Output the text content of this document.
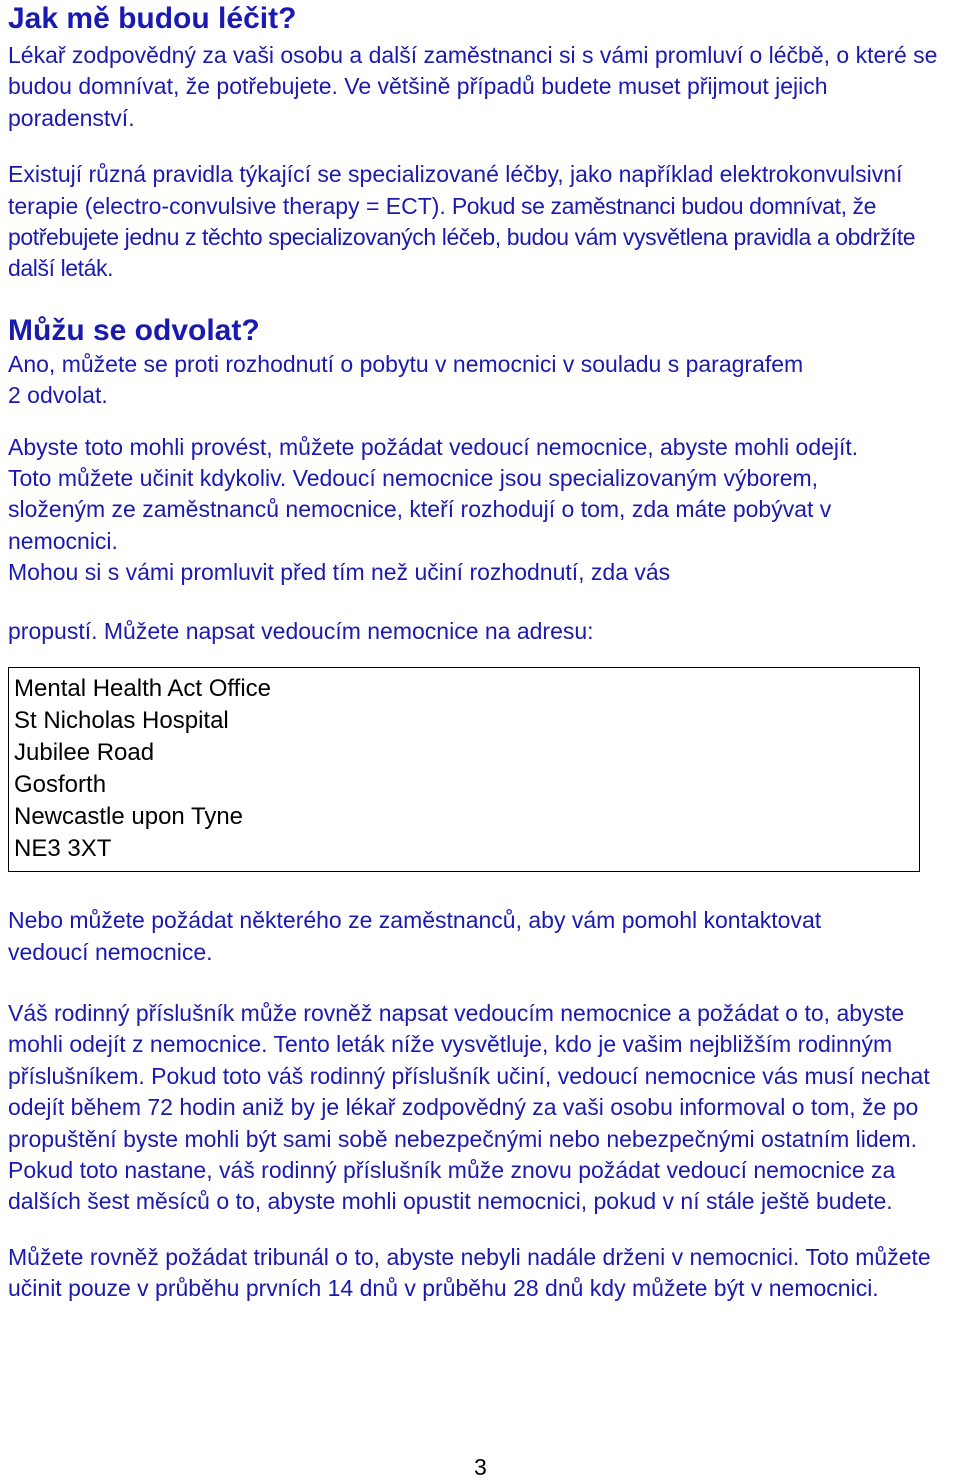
Jak mě budou léčit?

Lékař zodpovědný za vaši osobu a další zaměstnanci si s vámi promluví o léčbě, o které se budou domnívat, že potřebujete. Ve většině případů budete muset přijmout jejich poradenství.

Existují různá pravidla týkající se specializované léčby, jako například elektrokonvulsivní terapie (electro-convulsive therapy = ECT). Pokud se zaměstnanci budou domnívat, že potřebujete jednu z těchto specializovaných léčeb, budou vám vysvětlena pravidla a obdržíte další leták.

Můžu se odvolat?

Ano, můžete se proti rozhodnutí o pobytu v nemocnici v souladu s paragrafem 2 odvolat.

Abyste toto mohli provést, můžete požádat vedoucí nemocnice, abyste mohli odejít. Toto můžete učinit kdykoliv. Vedoucí nemocnice jsou specializovaným výborem, složeným ze zaměstnanců nemocnice, kteří rozhodují o tom, zda máte pobývat v nemocnici.
Mohou si s vámi promluvit před tím než učiní rozhodnutí, zda vás

propustí. Můžete napsat vedoucím nemocnice na adresu:

Mental Health Act Office
St Nicholas Hospital
Jubilee Road
Gosforth
Newcastle upon Tyne
NE3 3XT

Nebo můžete požádat některého ze zaměstnanců, aby vám pomohl kontaktovat vedoucí nemocnice.

Váš rodinný příslušník může rovněž napsat vedoucím nemocnice a požádat o to, abyste mohli odejít z nemocnice. Tento leták níže vysvětluje, kdo je vašim nejbližším rodinným příslušníkem. Pokud toto váš rodinný příslušník učiní, vedoucí nemocnice vás musí nechat odejít během 72 hodin aniž by je lékař zodpovědný za vaši osobu informoval o tom, že po propuštění byste mohli být sami sobě nebezpečnými nebo nebezpečnými ostatním lidem. Pokud toto nastane, váš rodinný příslušník může znovu požádat vedoucí nemocnice za dalších šest měsíců o to, abyste mohli opustit nemocnici, pokud v ní stále ještě budete.

Můžete rovněž požádat tribunál o to, abyste nebyli nadále drženi v nemocnici. Toto můžete učinit pouze v průběhu prvních 14 dnů v průběhu 28 dnů kdy můžete být v nemocnici.

3
